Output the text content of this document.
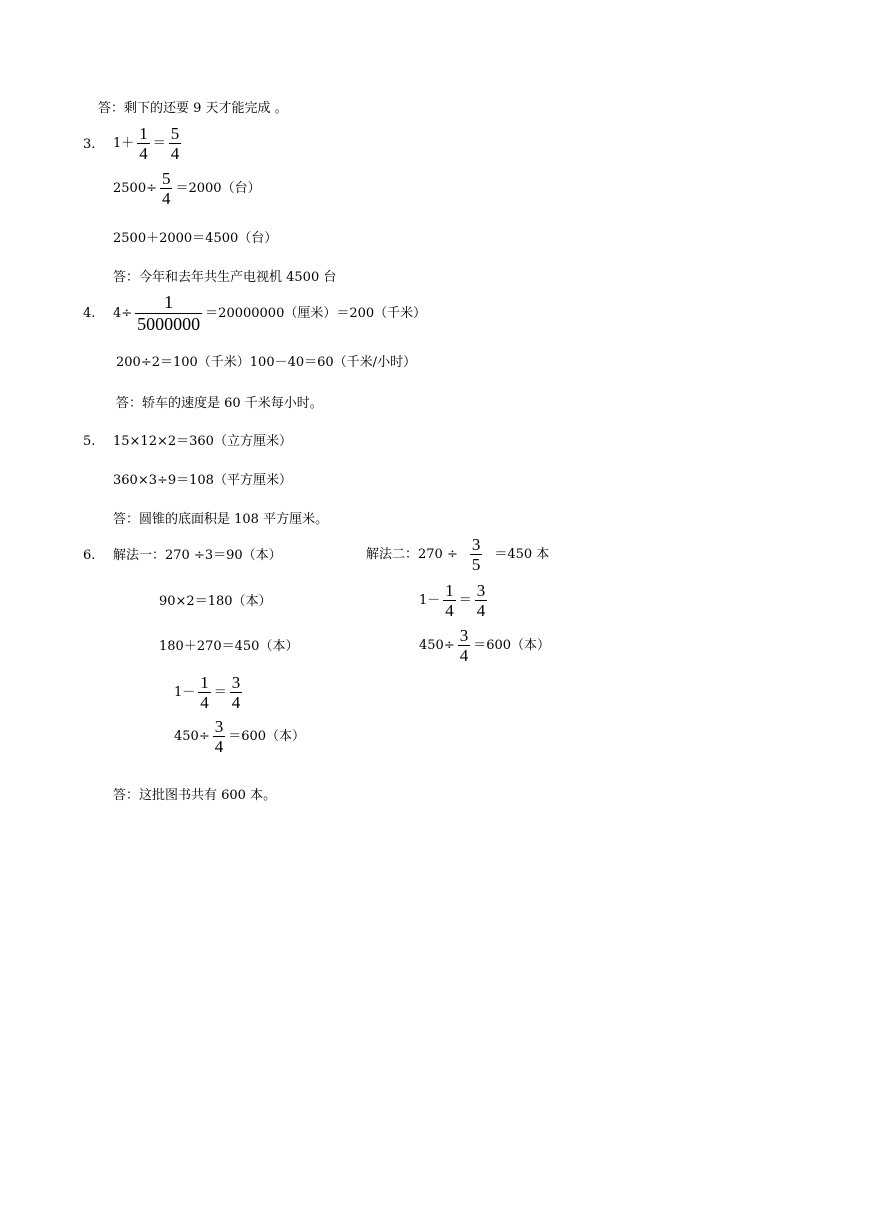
答：剩下的还要 9 天才能完成 。
3. $1+ \frac{1}{4} = \frac{5}{4}$
$2500\div \frac{5}{4} =2000$（台）
2500＋2000＝4500（台）
答：今年和去年共生产电视机 4500 台
4. $4\div \frac{1}{5000000} =20000000$（厘米）＝200（千米）
200÷2＝100（千米）100－40＝60（千米/小时）
答：轿车的速度是 60 千米每小时。
5. 15×12×2＝360（立方厘米）
360×3÷9＝108（平方厘米）
答：圆锥的底面积是 108 平方厘米。
6. 解法一：270 ÷3＝90（本）
90×2＝180（本）
180＋270＝450（本）
$1- \frac{1}{4} = \frac{3}{4}$
$450\div \frac{3}{4} =600$（本）
解法二：$270 \div \frac{3}{5} =450$ 本
$1- \frac{1}{4} = \frac{3}{4}$
$450\div \frac{3}{4} =600$（本）
答：这批图书共有 600 本。
